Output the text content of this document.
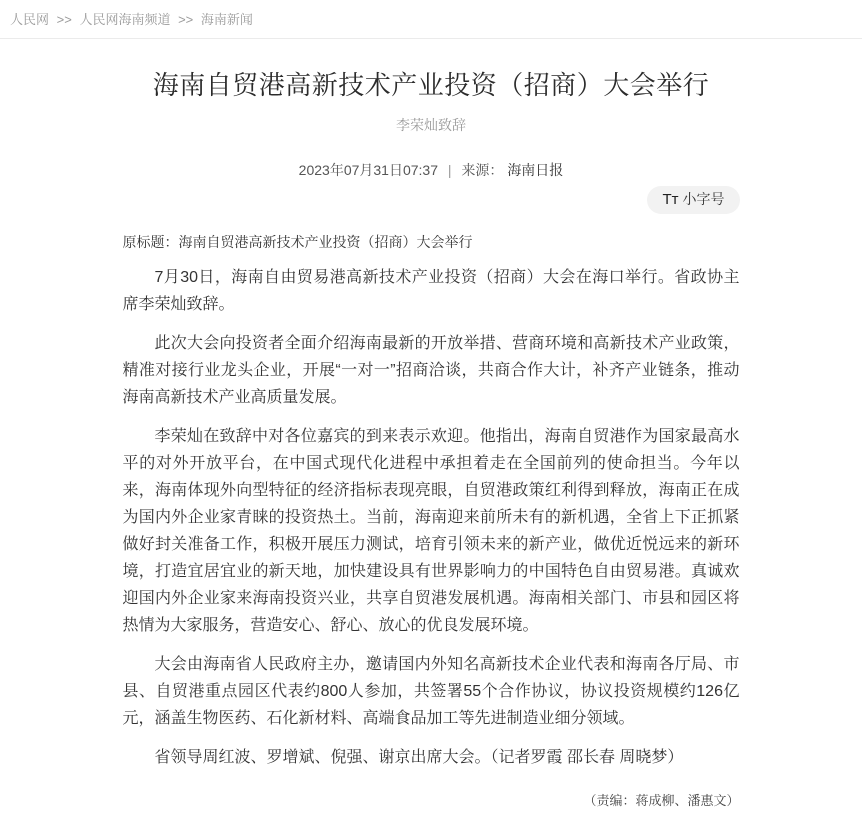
人民网 >> 人民网海南频道 >> 海南新闻
海南自贸港高新技术产业投资（招商）大会举行
李荣灿致辞
2023年07月31日07:37 | 来源： 海南日报
Tᴛ 小字号
原标题：海南自贸港高新技术产业投资（招商）大会举行

7月30日，海南自由贸易港高新技术产业投资（招商）大会在海口举行。省政协主席李荣灿致辞。

此次大会向投资者全面介绍海南最新的开放举措、营商环境和高新技术产业政策，精准对接行业龙头企业，开展“一对一”招商洽谈，共商合作大计，补齐产业链条，推动海南高新技术产业高质量发展。

李荣灿在致辞中对各位嘉宾的到来表示欢迎。他指出，海南自贸港作为国家最高水平的对外开放平台，在中国式现代化进程中承担着走在全国前列的使命担当。今年以来，海南体现外向型特征的经济指标表现亮眼，自贸港政策红利得到释放，海南正在成为国内外企业家青睐的投资热土。当前，海南迎来前所未有的新机遇，全省上下正抓紧做好封关准备工作，积极开展压力测试，培育引领未来的新产业，做优近悦远来的新环境，打造宜居宜业的新天地，加快建设具有世界影响力的中国特色自由贸易港。真诚欢迎国内外企业家来海南投资兴业，共享自贸港发展机遇。海南相关部门、市县和园区将热情为大家服务，营造安心、舒心、放心的优良发展环境。

大会由海南省人民政府主办，邀请国内外知名高新技术企业代表和海南各厅局、市县、自贸港重点园区代表约800人参加，共签署55个合作协议，协议投资规模约126亿元，涵盖生物医药、石化新材料、高端食品加工等先进制造业细分领域。

省领导周红波、罗增斌、倪强、谢京出席大会。（记者罗霞 邵长春 周晓梦）

（责编：蒋成柳、潘惠文）
